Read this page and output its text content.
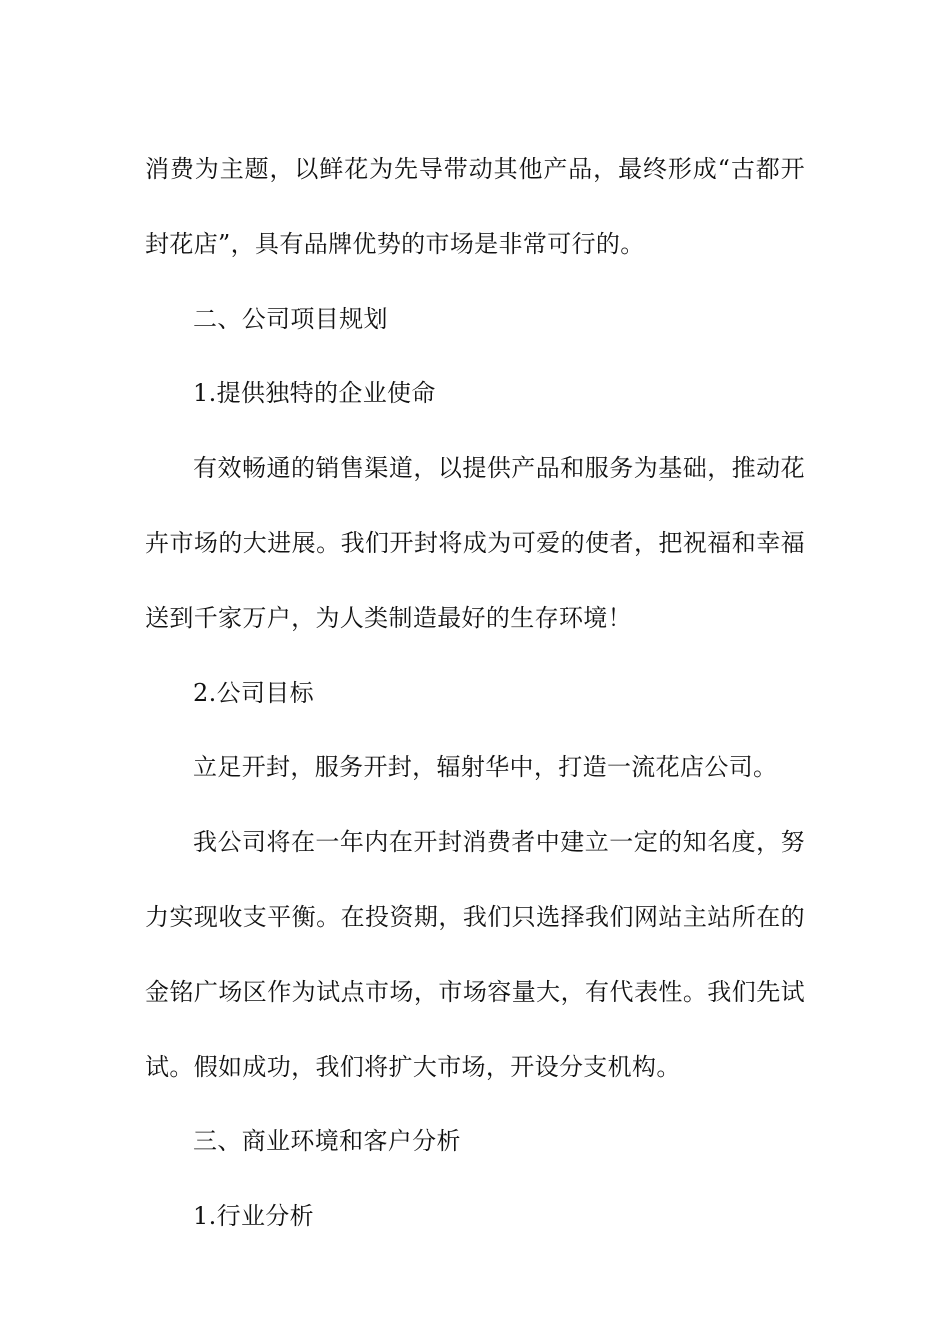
消费为主题，以鲜花为先导带动其他产品，最终形成“古都开封花店”，具有品牌优势的市场是非常可行的。

二、公司项目规划

1.提供独特的企业使命

有效畅通的销售渠道，以提供产品和服务为基础，推动花卉市场的大进展。我们开封将成为可爱的使者，把祝福和幸福送到千家万户，为人类制造最好的生存环境！

2.公司目标

立足开封，服务开封，辐射华中，打造一流花店公司。

我公司将在一年内在开封消费者中建立一定的知名度，努力实现收支平衡。在投资期，我们只选择我们网站主站所在的金铭广场区作为试点市场，市场容量大，有代表性。我们先试试。假如成功，我们将扩大市场，开设分支机构。

三、商业环境和客户分析

1.行业分析
